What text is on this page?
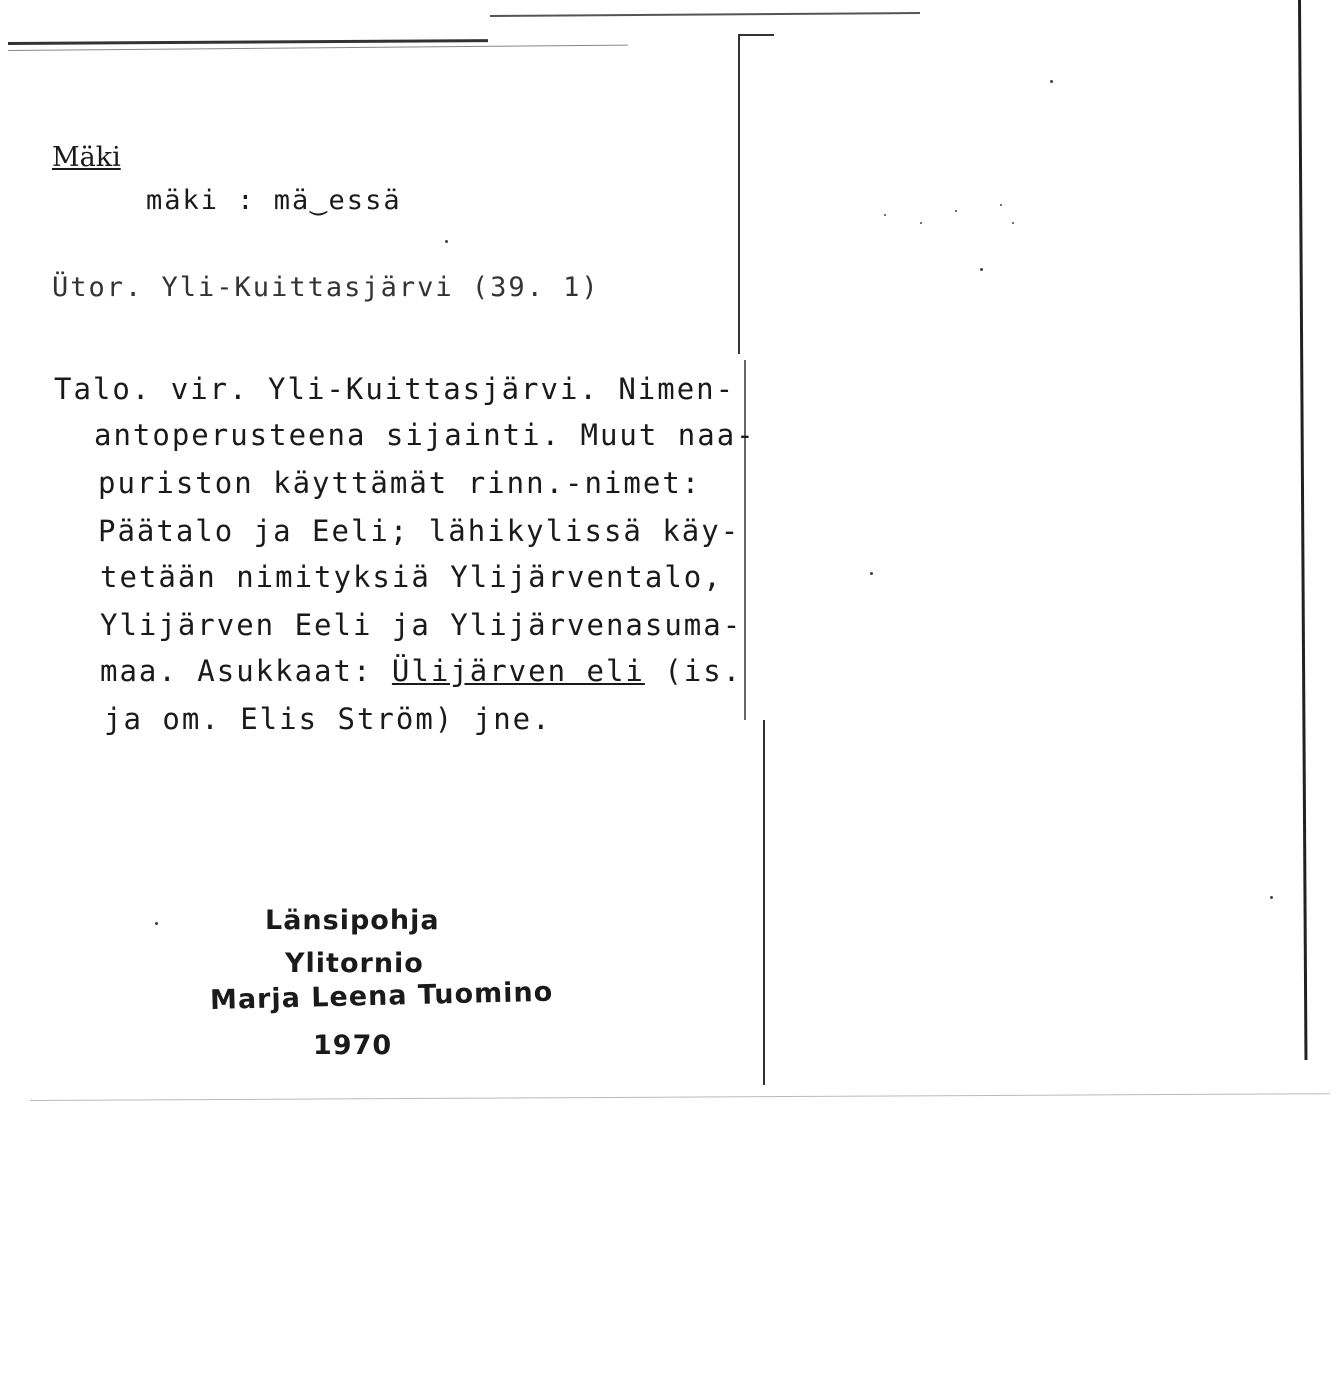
Mäki
mäki : mä‿essä
Ütor. Yli-Kuittasjärvi (39. 1)
Talo. vir. Yli-Kuittasjärvi. Nimen-
antoperusteena sijainti. Muut naa-
puriston käyttämät rinn.-nimet:
Päätalo ja Eeli; lähikylissä käy-
tetään nimityksiä Ylijärventalo,
Ylijärven Eeli ja Ylijärvenasuma-
maa. Asukkaat: Ülijärven eli (is.
ja om. Elis Ström) jne.
Länsipohja
Ylitornio
Marja Leena Tuomino
1970
